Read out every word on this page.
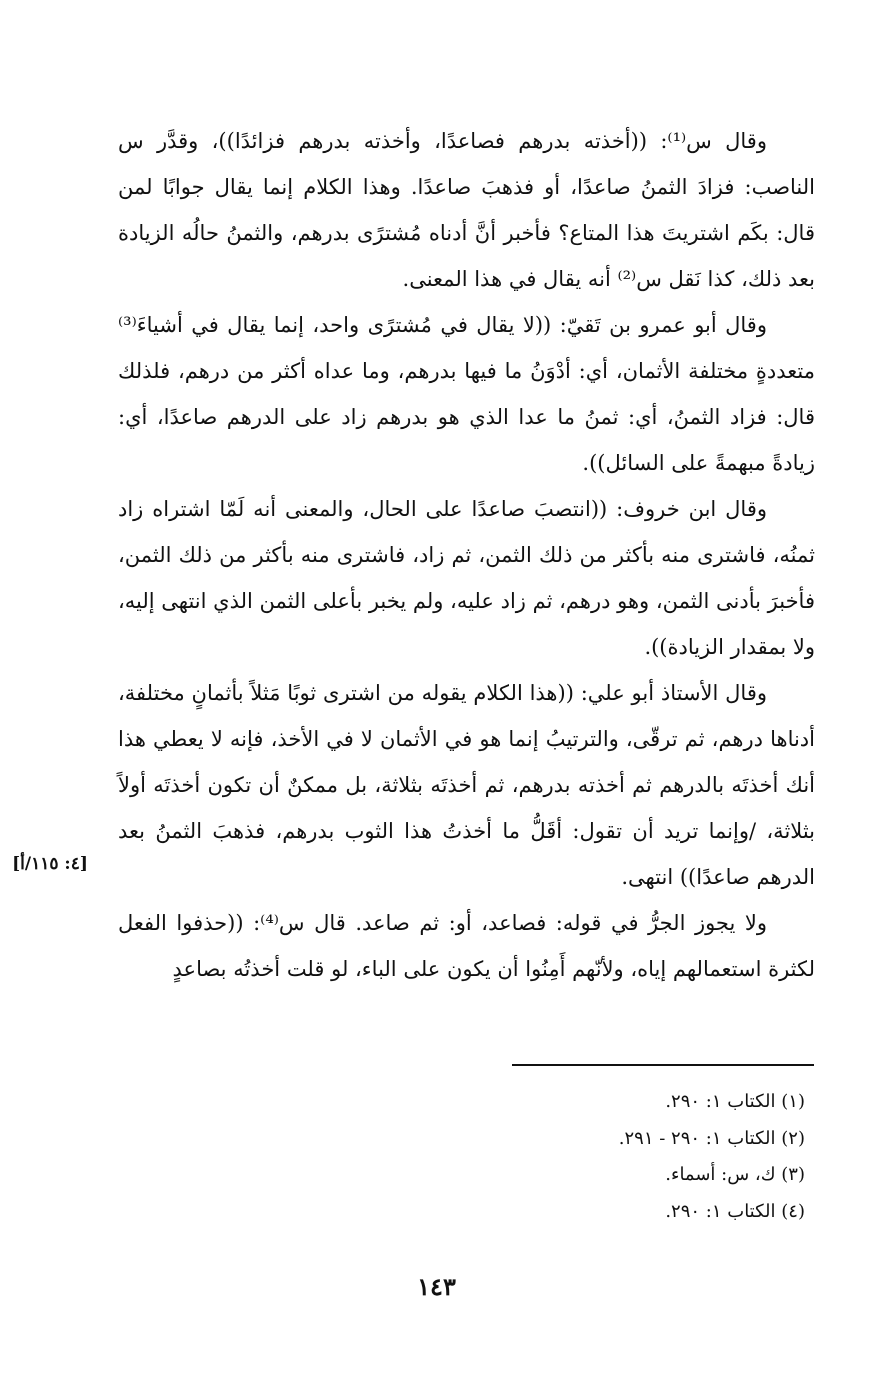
وقال س⁽¹⁾: ((أخذته بدرهم فصاعدًا، وأخذته بدرهم فزائدًا))، وقدَّر س الناصب: فزادَ الثمنُ صاعدًا، أو فذهبَ صاعدًا. وهذا الكلام إنما يقال جوابًا لمن قال: بكَم اشتريتَ هذا المتاع؟ فأخبر أنَّ أدناه مُشترًى بدرهم، والثمنُ حالُه الزيادة بعد ذلك، كذا نَقل س⁽²⁾ أنه يقال في هذا المعنى.

وقال أبو عمرو بن تَقيّ: ((لا يقال في مُشترًى واحد، إنما يقال في أشياءَ⁽³⁾ متعددةٍ مختلفة الأثمان، أي: أدْوَنُ ما فيها بدرهم، وما عداه أكثر من درهم، فلذلك قال: فزاد الثمنُ، أي: ثمنُ ما عدا الذي هو بدرهم زاد على الدرهم صاعدًا، أي: زيادةً مبهمةً على السائل)).

وقال ابن خروف: ((انتصبَ صاعدًا على الحال، والمعنى أنه لَمّا اشتراه زاد ثمنُه، فاشترى منه بأكثر من ذلك الثمن، ثم زاد، فاشترى منه بأكثر من ذلك الثمن، فأخبرَ بأدنى الثمن، وهو درهم، ثم زاد عليه، ولم يخبر بأعلى الثمن الذي انتهى إليه، ولا بمقدار الزيادة)).

وقال الأستاذ أبو علي: ((هذا الكلام يقوله من اشترى ثوبًا مَثلاً بأثمانٍ مختلفة، أدناها درهم، ثم ترقّى، والترتيبُ إنما هو في الأثمان لا في الأخذ، فإنه لا يعطي هذا أنك أخذتَه بالدرهم ثم أخذته بدرهم، ثم أخذتَه بثلاثة، بل ممكنٌ أن تكون أخذتَه أولاً بثلاثة، /وإنما تريد أن تقول: أقَلُّ ما أخذتُ هذا الثوب بدرهم، فذهبَ الثمنُ بعد الدرهم صاعدًا)) انتهى.

ولا يجوز الجرُّ في قوله: فصاعد، أو: ثم صاعد. قال س⁽⁴⁾: ((حذفوا الفعل لكثرة استعمالهم إياه، ولأنّهم أَمِنُوا أن يكون على الباء، لو قلت أخذتُه بصاعدٍ

[٤: ١١٥/أ]

(١) الكتاب ١: ٢٩٠.

(٢) الكتاب ١: ٢٩٠ - ٢٩١.

(٣) ك، س: أسماء.

(٤) الكتاب ١: ٢٩٠.

١٤٣
